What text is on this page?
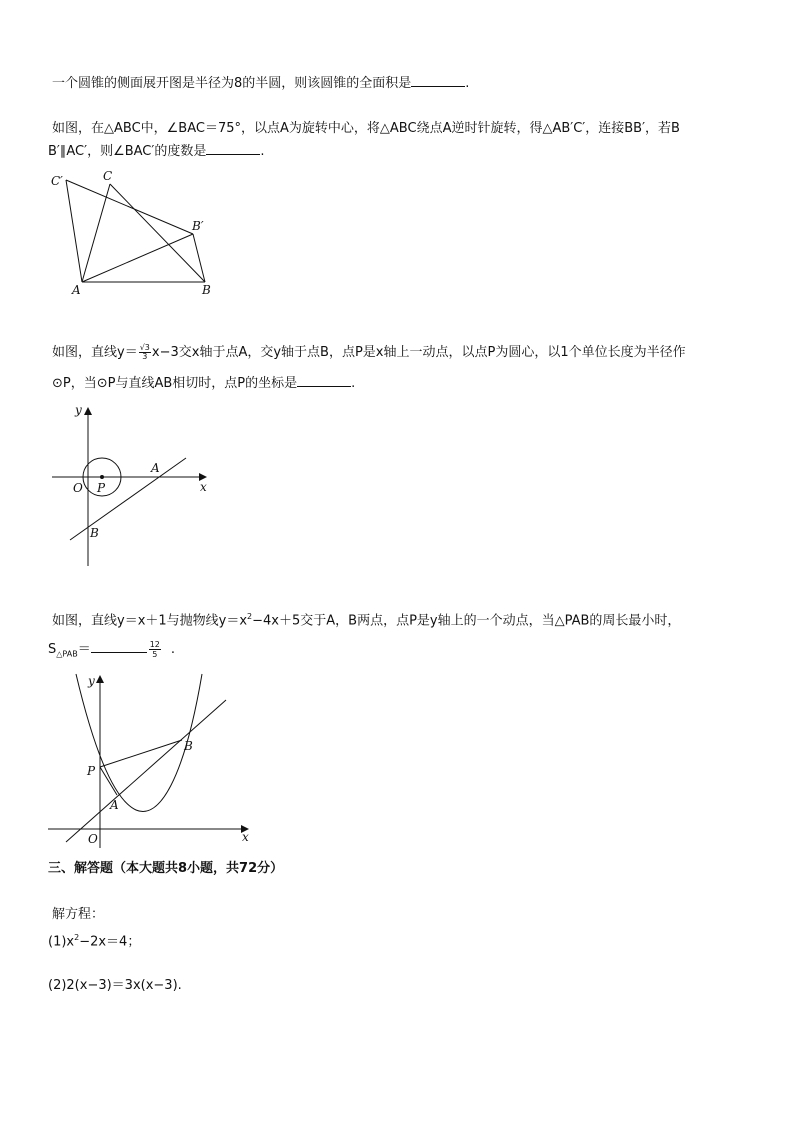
一个圆锥的侧面展开图是半径为8的半圆，则该圆锥的全面积是	.
如图，在△ABC中，∠BAC＝75°，以点A为旋转中心，将△ABC绕点A逆时针旋转，得△AB′C′，连接BB′，若B
B′∥AC′，则∠BAC′的度数是	.
C′	C
B′
A	B
如图，直线$y= \frac{√3}{3} x-3$交x轴于点A，交y轴于点B，点P是x轴上一动点，以点P为圆心，以1个单位长度为半径作
⊙P，当⊙P与直线AB相切时，点P的坐标是	.
y
x
O P
A
B
如图，直线y＝x＋1与抛物线$y=x^2-4x+5$交于A，B两点，点P是y轴上的一个动点，当△PAB的周长最小时，
$S_{\triangle PAB}=$	$\frac{12}{5}$ .
y
x
O
P
A
B
三、解答题（本大题共8小题，共72分）
解方程：
$(1)x^2-2x=4$；
(2)2(x−3)＝3x(x−3).
